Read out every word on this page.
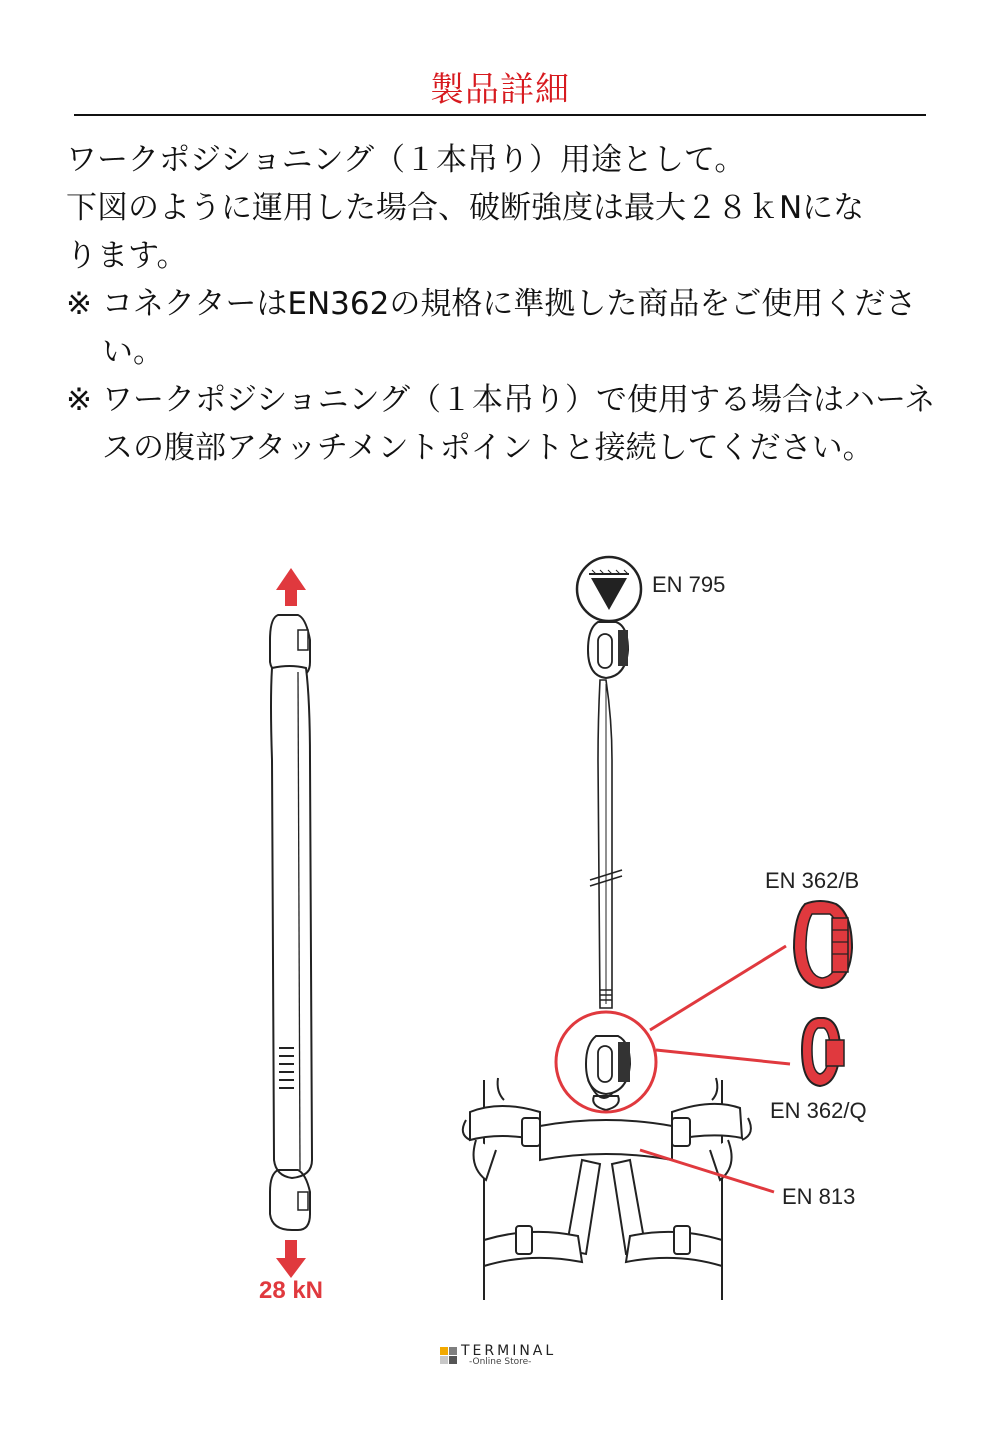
製品詳細
ワークポジショニング（１本吊り）用途として。
下図のように運用した場合、破断強度は最大２８ｋNにな
ります。
※ コネクターはEN362の規格に準拠した商品をご使用ください。
※ ワークポジショニング（１本吊り）で使用する場合はハーネスの腹部アタッチメントポイントと接続してください。
28 kN
EN 795
EN 362/B
EN 362/Q
EN 813
TERMINAL
-Online Store-
